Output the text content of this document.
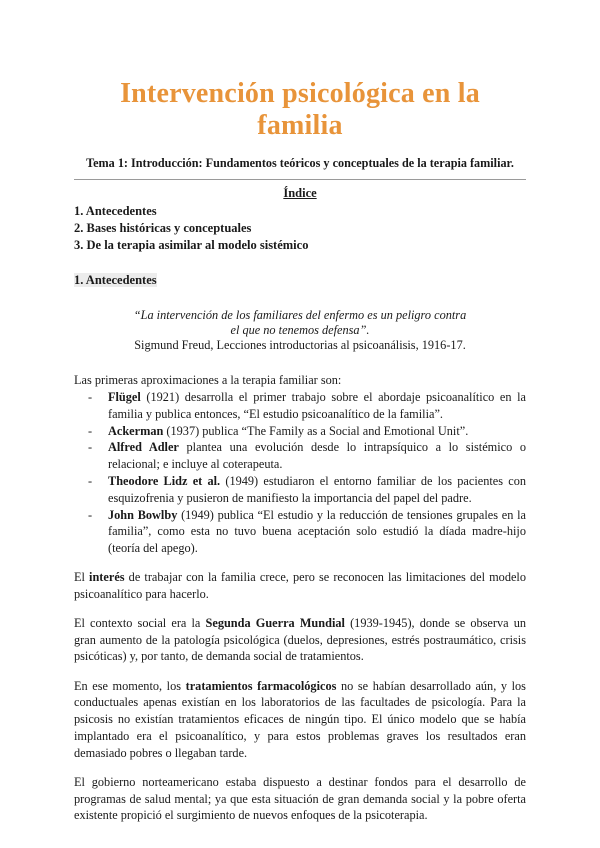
Intervención psicológica en la familia
Tema 1: Introducción: Fundamentos teóricos y conceptuales de la terapia familiar.
Índice
1. Antecedentes
2. Bases históricas y conceptuales
3. De la terapia asimilar al modelo sistémico
1. Antecedentes
“La intervención de los familiares del enfermo es un peligro contra
el que no tenemos defensa”.
Sigmund Freud, Lecciones introductorias al psicoanálisis, 1916-17.
Las primeras aproximaciones a la terapia familiar son:
- Flügel (1921) desarrolla el primer trabajo sobre el abordaje psicoanalítico en la familia y publica entonces, “El estudio psicoanalítico de la familia”.
- Ackerman (1937) publica “The Family as a Social and Emotional Unit”.
- Alfred Adler plantea una evolución desde lo intrapsíquico a lo sistémico o relacional; e incluye al coterapeuta.
- Theodore Lidz et al. (1949) estudiaron el entorno familiar de los pacientes con esquizofrenia y pusieron de manifiesto la importancia del papel del padre.
- John Bowlby (1949) publica “El estudio y la reducción de tensiones grupales en la familia”, como esta no tuvo buena aceptación solo estudió la díada madre-hijo (teoría del apego).

El interés de trabajar con la familia crece, pero se reconocen las limitaciones del modelo psicoanalítico para hacerlo.

El contexto social era la Segunda Guerra Mundial (1939-1945), donde se observa un gran aumento de la patología psicológica (duelos, depresiones, estrés postraumático, crisis psicóticas) y, por tanto, de demanda social de tratamientos.

En ese momento, los tratamientos farmacológicos no se habían desarrollado aún, y los conductuales apenas existían en los laboratorios de las facultades de psicología. Para la psicosis no existían tratamientos eficaces de ningún tipo. El único modelo que se había implantado era el psicoanalítico, y para estos problemas graves los resultados eran demasiado pobres o llegaban tarde.

El gobierno norteamericano estaba dispuesto a destinar fondos para el desarrollo de programas de salud mental; ya que esta situación de gran demanda social y la pobre oferta existente propició el surgimiento de nuevos enfoques de la psicoterapia.
